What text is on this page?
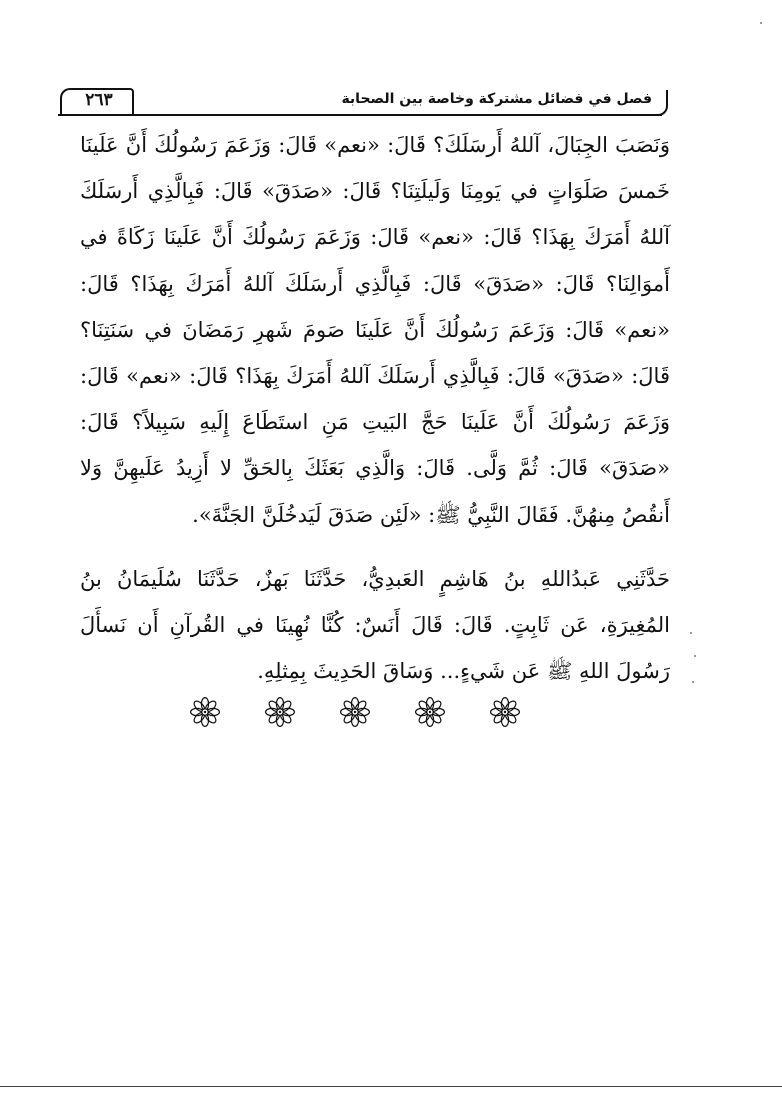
فصل في فضائل مشتركة وخاصة بين الصحابة
٢٦٣

وَنَصَبَ الجِبَالَ، آللهُ أَرسَلَكَ؟ قَالَ: «نعم» قَالَ: وَزَعَمَ رَسُولُكَ أَنَّ عَلَينَا خَمسَ صَلَوَاتٍ في يَومِنَا وَلَيلَتِنَا؟ قَالَ: «صَدَقَ» قَالَ: فَبِالَّذِي أَرسَلَكَ آللهُ أَمَرَكَ بِهَذَا؟ قَالَ: «نعم» قَالَ: وَزَعَمَ رَسُولُكَ أَنَّ عَلَينَا زَكَاةً في أَموَالِنَا؟ قَالَ: «صَدَقَ» قَالَ: فَبِالَّذِي أَرسَلَكَ آللهُ أَمَرَكَ بِهَذَا؟ قَالَ: «نعم» قَالَ: وَزَعَمَ رَسُولُكَ أَنَّ عَلَينَا صَومَ شَهرِ رَمَضَانَ في سَنَتِنَا؟ قَالَ: «صَدَقَ» قَالَ: فَبِالَّذِي أَرسَلَكَ آللهُ أَمَرَكَ بِهَذَا؟ قَالَ: «نعم» قَالَ: وَزَعَمَ رَسُولُكَ أَنَّ عَلَينَا حَجَّ البَيتِ مَنِ استَطَاعَ إِلَيهِ سَبِيلاً؟ قَالَ: «صَدَقَ» قَالَ: ثُمَّ وَلَّى. قَالَ: وَالَّذِي بَعَثَكَ بِالحَقِّ لا أَزِيدُ عَلَيهِنَّ وَلا أَنقُصُ مِنهُنَّ. فَقَالَ النَّبِيُّ ﷺ: «لَئِن صَدَقَ لَيَدخُلَنَّ الجَنَّةَ».

حَدَّثَنِي عَبدُاللهِ بنُ هَاشِمٍ العَبدِيُّ، حَدَّثَنَا بَهزٌ، حَدَّثَنَا سُلَيمَانُ بنُ المُغِيرَةِ، عَن ثَابِتٍ. قَالَ: قَالَ أَنَسٌ: كُنَّا نُهِينَا في القُرآنِ أَن نَسأَلَ رَسُولَ اللهِ ﷺ عَن شَيءٍ... وَسَاقَ الحَدِيثَ بِمِثلِهِ.
